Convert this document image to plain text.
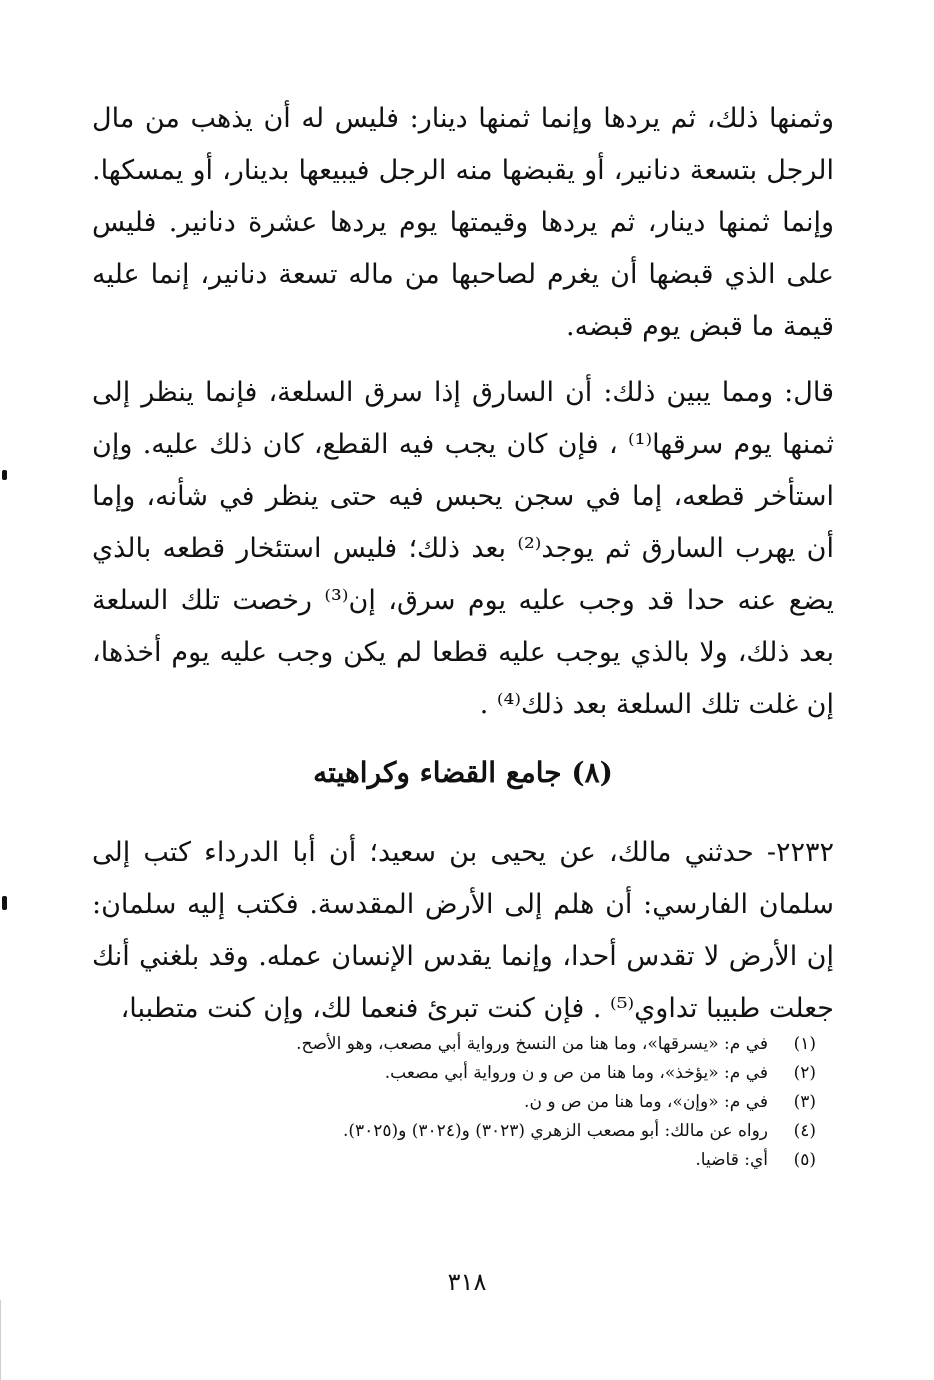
وثمنها ذلك، ثم يردها وإنما ثمنها دينار: فليس له أن يذهب من مال الرجل بتسعة دنانير، أو يقبضها منه الرجل فيبيعها بدينار، أو يمسكها. وإنما ثمنها دينار، ثم يردها وقيمتها يوم يردها عشرة دنانير. فليس على الذي قبضها أن يغرم لصاحبها من ماله تسعة دنانير، إنما عليه قيمة ما قبض يوم قبضه.

قال: ومما يبين ذلك: أن السارق إذا سرق السلعة، فإنما ينظر إلى ثمنها يوم سرقها⁽¹⁾ ، فإن كان يجب فيه القطع، كان ذلك عليه. وإن استأخر قطعه، إما في سجن يحبس فيه حتى ينظر في شأنه، وإما أن يهرب السارق ثم يوجد⁽²⁾ بعد ذلك؛ فليس استئخار قطعه بالذي يضع عنه حدا قد وجب عليه يوم سرق، إن⁽³⁾ رخصت تلك السلعة بعد ذلك، ولا بالذي يوجب عليه قطعا لم يكن وجب عليه يوم أخذها، إن غلت تلك السلعة بعد ذلك⁽⁴⁾ .

(٨) جامع القضاء وكراهيته

٢٢٣٢- حدثني مالك، عن يحيى بن سعيد؛ أن أبا الدرداء كتب إلى سلمان الفارسي: أن هلم إلى الأرض المقدسة. فكتب إليه سلمان: إن الأرض لا تقدس أحدا، وإنما يقدس الإنسان عمله. وقد بلغني أنك جعلت طبيبا تداوي⁽⁵⁾ . فإن كنت تبرئ فنعما لك، وإن كنت متطببا،

(١)
في م: «يسرقها»، وما هنا من النسخ ورواية أبي مصعب، وهو الأصح.
(٢)
في م: «يؤخذ»، وما هنا من ص و ن ورواية أبي مصعب.
(٣)
في م: «وإن»، وما هنا من ص و ن.
(٤)
رواه عن مالك: أبو مصعب الزهري (٣٠٢٣) و(٣٠٢٤) و(٣٠٢٥).
(٥)
أي: قاضيا.
٣١٨
